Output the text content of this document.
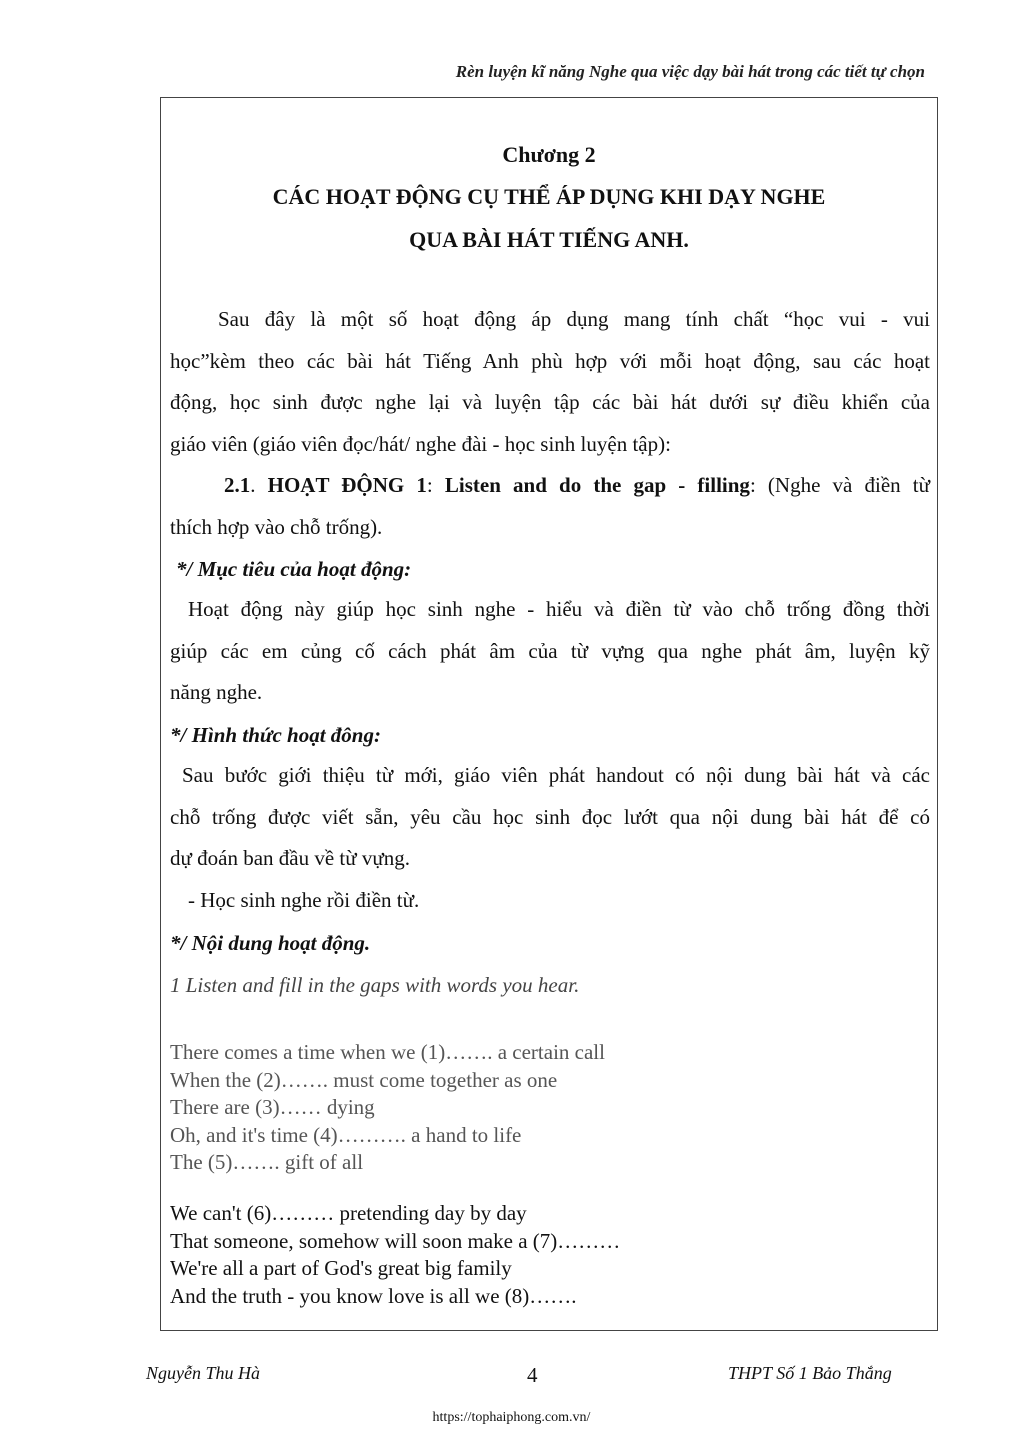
Rèn luyện kĩ năng Nghe qua việc dạy bài hát trong các tiết tự chọn
Chương 2
CÁC HOẠT ĐỘNG CỤ THỂ ÁP DỤNG KHI DẠY NGHE
QUA BÀI HÁT TIẾNG ANH.
Sau đây là một số hoạt động áp dụng mang tính chất “học vui - vui
học”kèm theo các bài hát Tiếng Anh phù hợp với mỗi hoạt động, sau các hoạt
động, học sinh được nghe lại và luyện tập các bài hát dưới sự điều khiển của
giáo viên (giáo viên đọc/hát/ nghe đài - học sinh luyện tập):
2.1. HOẠT ĐỘNG 1: Listen and do the gap - filling: (Nghe và điền từ
thích hợp vào chỗ trống).
*/ Mục tiêu của hoạt động:
Hoạt động này giúp học sinh nghe - hiểu và điền từ vào chỗ trống đồng thời
giúp các em củng cố cách phát âm của từ vựng qua nghe phát âm, luyện kỹ
năng nghe.
*/ Hình thức hoạt đông:
Sau bước giới thiệu từ mới, giáo viên phát handout có nội dung bài hát và các
chỗ trống được viết sẵn, yêu cầu học sinh đọc lướt qua nội dung bài hát để có
dự đoán ban đầu về từ vựng.
- Học sinh nghe rồi điền từ.
*/ Nội dung hoạt động.
1 Listen and fill in the gaps with words you hear.
There comes a time when we (1)……. a certain call
When the (2)……. must come together as one
There are (3)…… dying
Oh, and it's time (4)………. a hand to life
The (5)……. gift of all
We can't (6)……… pretending day by day
That someone, somehow will soon make a (7)………
We're all a part of God's great big family
And the truth - you know love is all we (8)…….
Nguyễn Thu Hà	4	THPT Số 1 Bảo Thắng
https://tophaiphong.com.vn/
